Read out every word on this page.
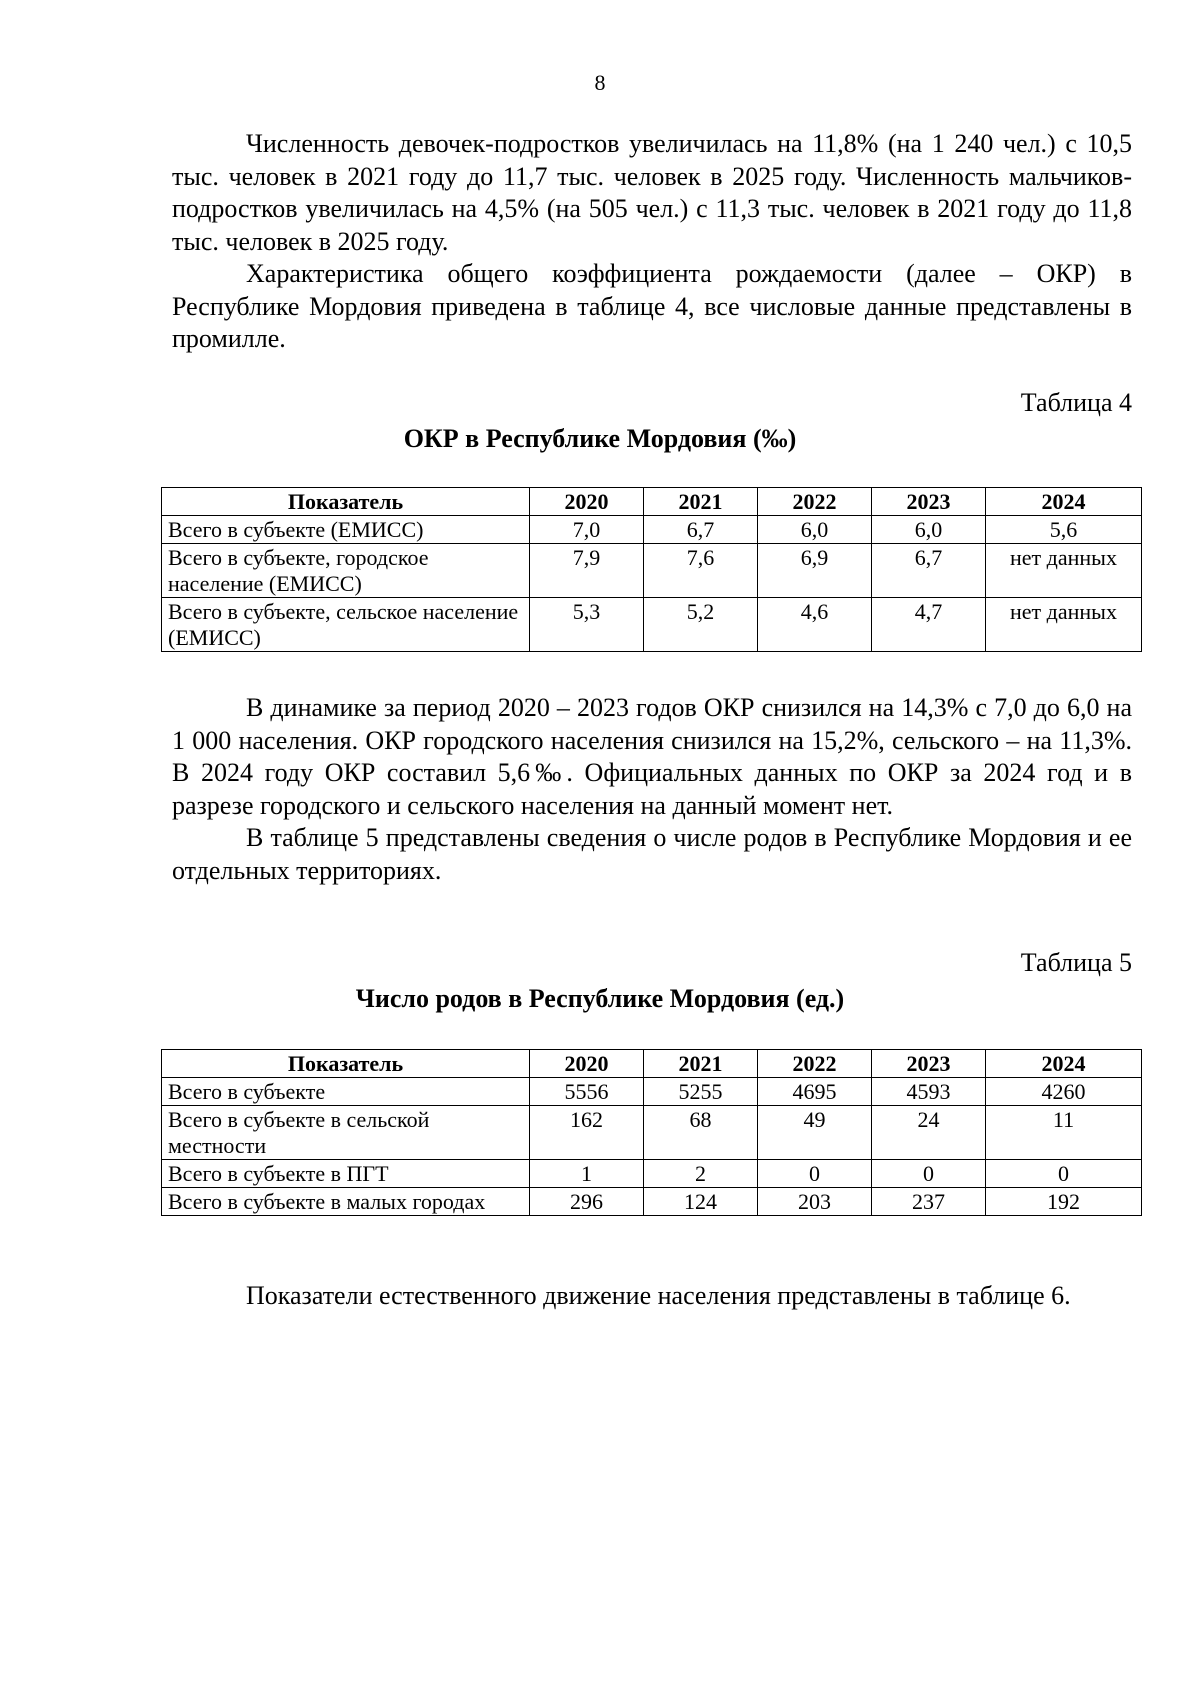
8

Численность девочек-подростков увеличилась на 11,8% (на 1 240 чел.) с 10,5 тыс. человек в 2021 году до 11,7 тыс. человек в 2025 году. Численность мальчиков-подростков увеличилась на 4,5% (на 505 чел.) с 11,3 тыс. человек в 2021 году до 11,8 тыс. человек в 2025 году.

Характеристика общего коэффициента рождаемости (далее – ОКР) в Республике Мордовия приведена в таблице 4, все числовые данные представлены в промилле.

Таблица 4
ОКР в Республике Мордовия (‰)
Показатель	2020	2021	2022	2023	2024
Всего в субъекте (ЕМИСС)	7,0	6,7	6,0	6,0	5,6
Всего в субъекте, городское население (ЕМИСС)	7,9	7,6	6,9	6,7	нет данных
Всего в субъекте, сельское население (ЕМИСС)	5,3	5,2	4,6	4,7	нет данных

В динамике за период 2020 – 2023 годов ОКР снизился на 14,3% с 7,0 до 6,0 на 1 000 населения. ОКР городского населения снизился на 15,2%, сельского – на 11,3%. В 2024 году ОКР составил 5,6‰. Официальных данных по ОКР за 2024 год и в разрезе городского и сельского населения на данный момент нет.

В таблице 5 представлены сведения о числе родов в Республике Мордовия и ее отдельных территориях.

Таблица 5
Число родов в Республике Мордовия (ед.)
Показатель	2020	2021	2022	2023	2024
Всего в субъекте	5556	5255	4695	4593	4260
Всего в субъекте в сельской местности	162	68	49	24	11
Всего в субъекте в ПГТ	1	2	0	0	0
Всего в субъекте в малых городах	296	124	203	237	192

Показатели естественного движение населения представлены в таблице 6.
